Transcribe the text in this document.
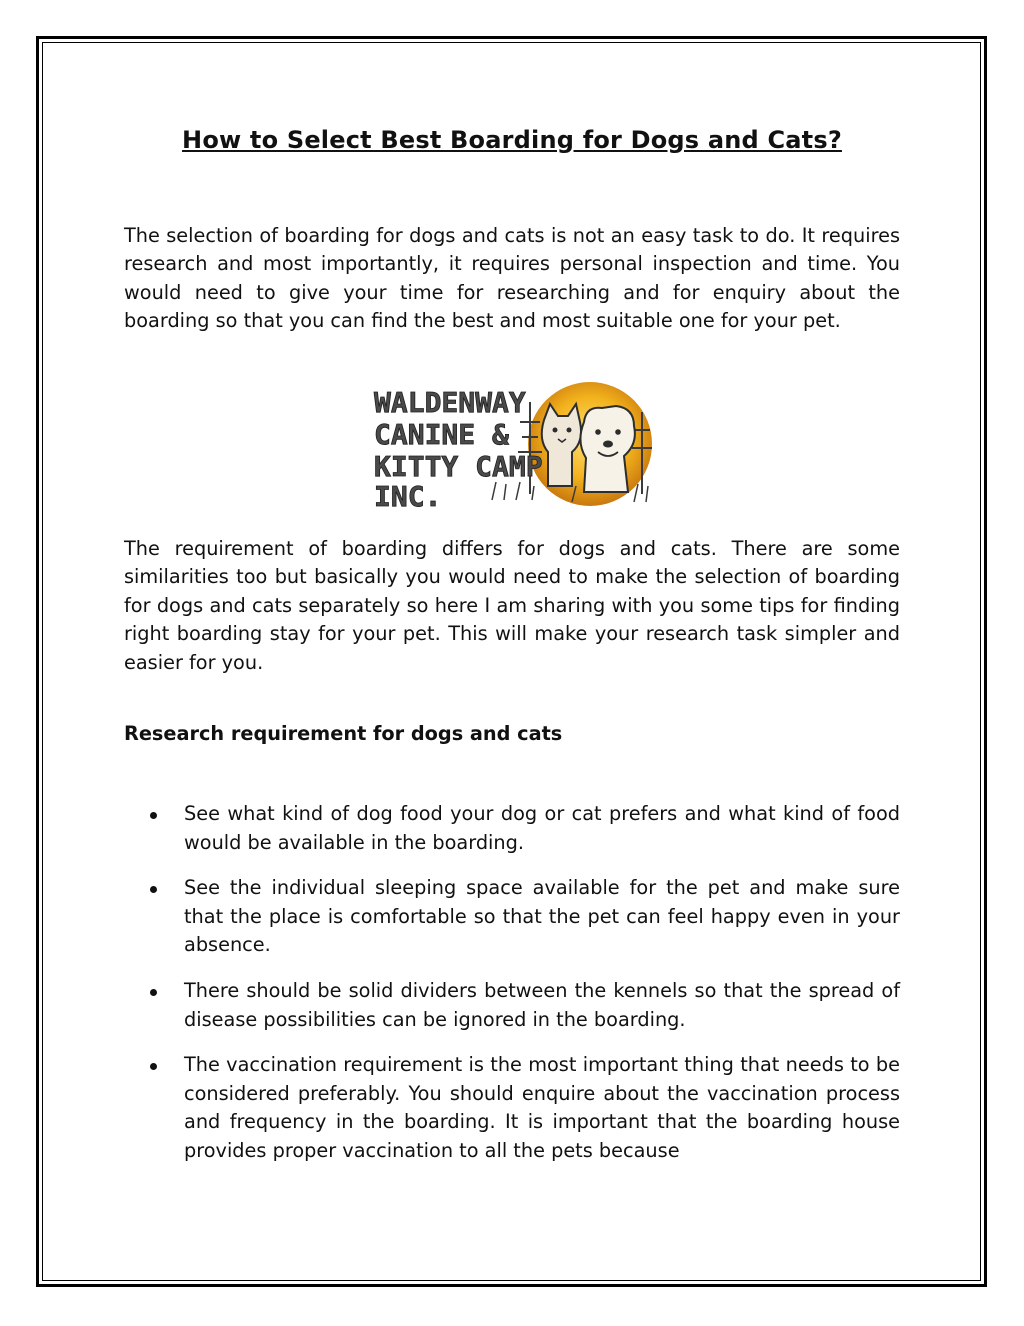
How to Select Best Boarding for Dogs and Cats?

The selection of boarding for dogs and cats is not an easy task to do. It requires research and most importantly, it requires personal inspection and time. You would need to give your time for researching and for enquiry about the boarding so that you can find the best and most suitable one for your pet.

WALDENWAY
CANINE &
KITTY CAMP
INC.

The requirement of boarding differs for dogs and cats. There are some similarities too but basically you would need to make the selection of boarding for dogs and cats separately so here I am sharing with you some tips for finding right boarding stay for your pet. This will make your research task simpler and easier for you.

Research requirement for dogs and cats
See what kind of dog food your dog or cat prefers and what kind of food would be available in the boarding.
See the individual sleeping space available for the pet and make sure that the place is comfortable so that the pet can feel happy even in your absence.
There should be solid dividers between the kennels so that the spread of disease possibilities can be ignored in the boarding.
The vaccination requirement is the most important thing that needs to be considered preferably. You should enquire about the vaccination process and frequency in the boarding. It is important that the boarding house provides proper vaccination to all the pets because
